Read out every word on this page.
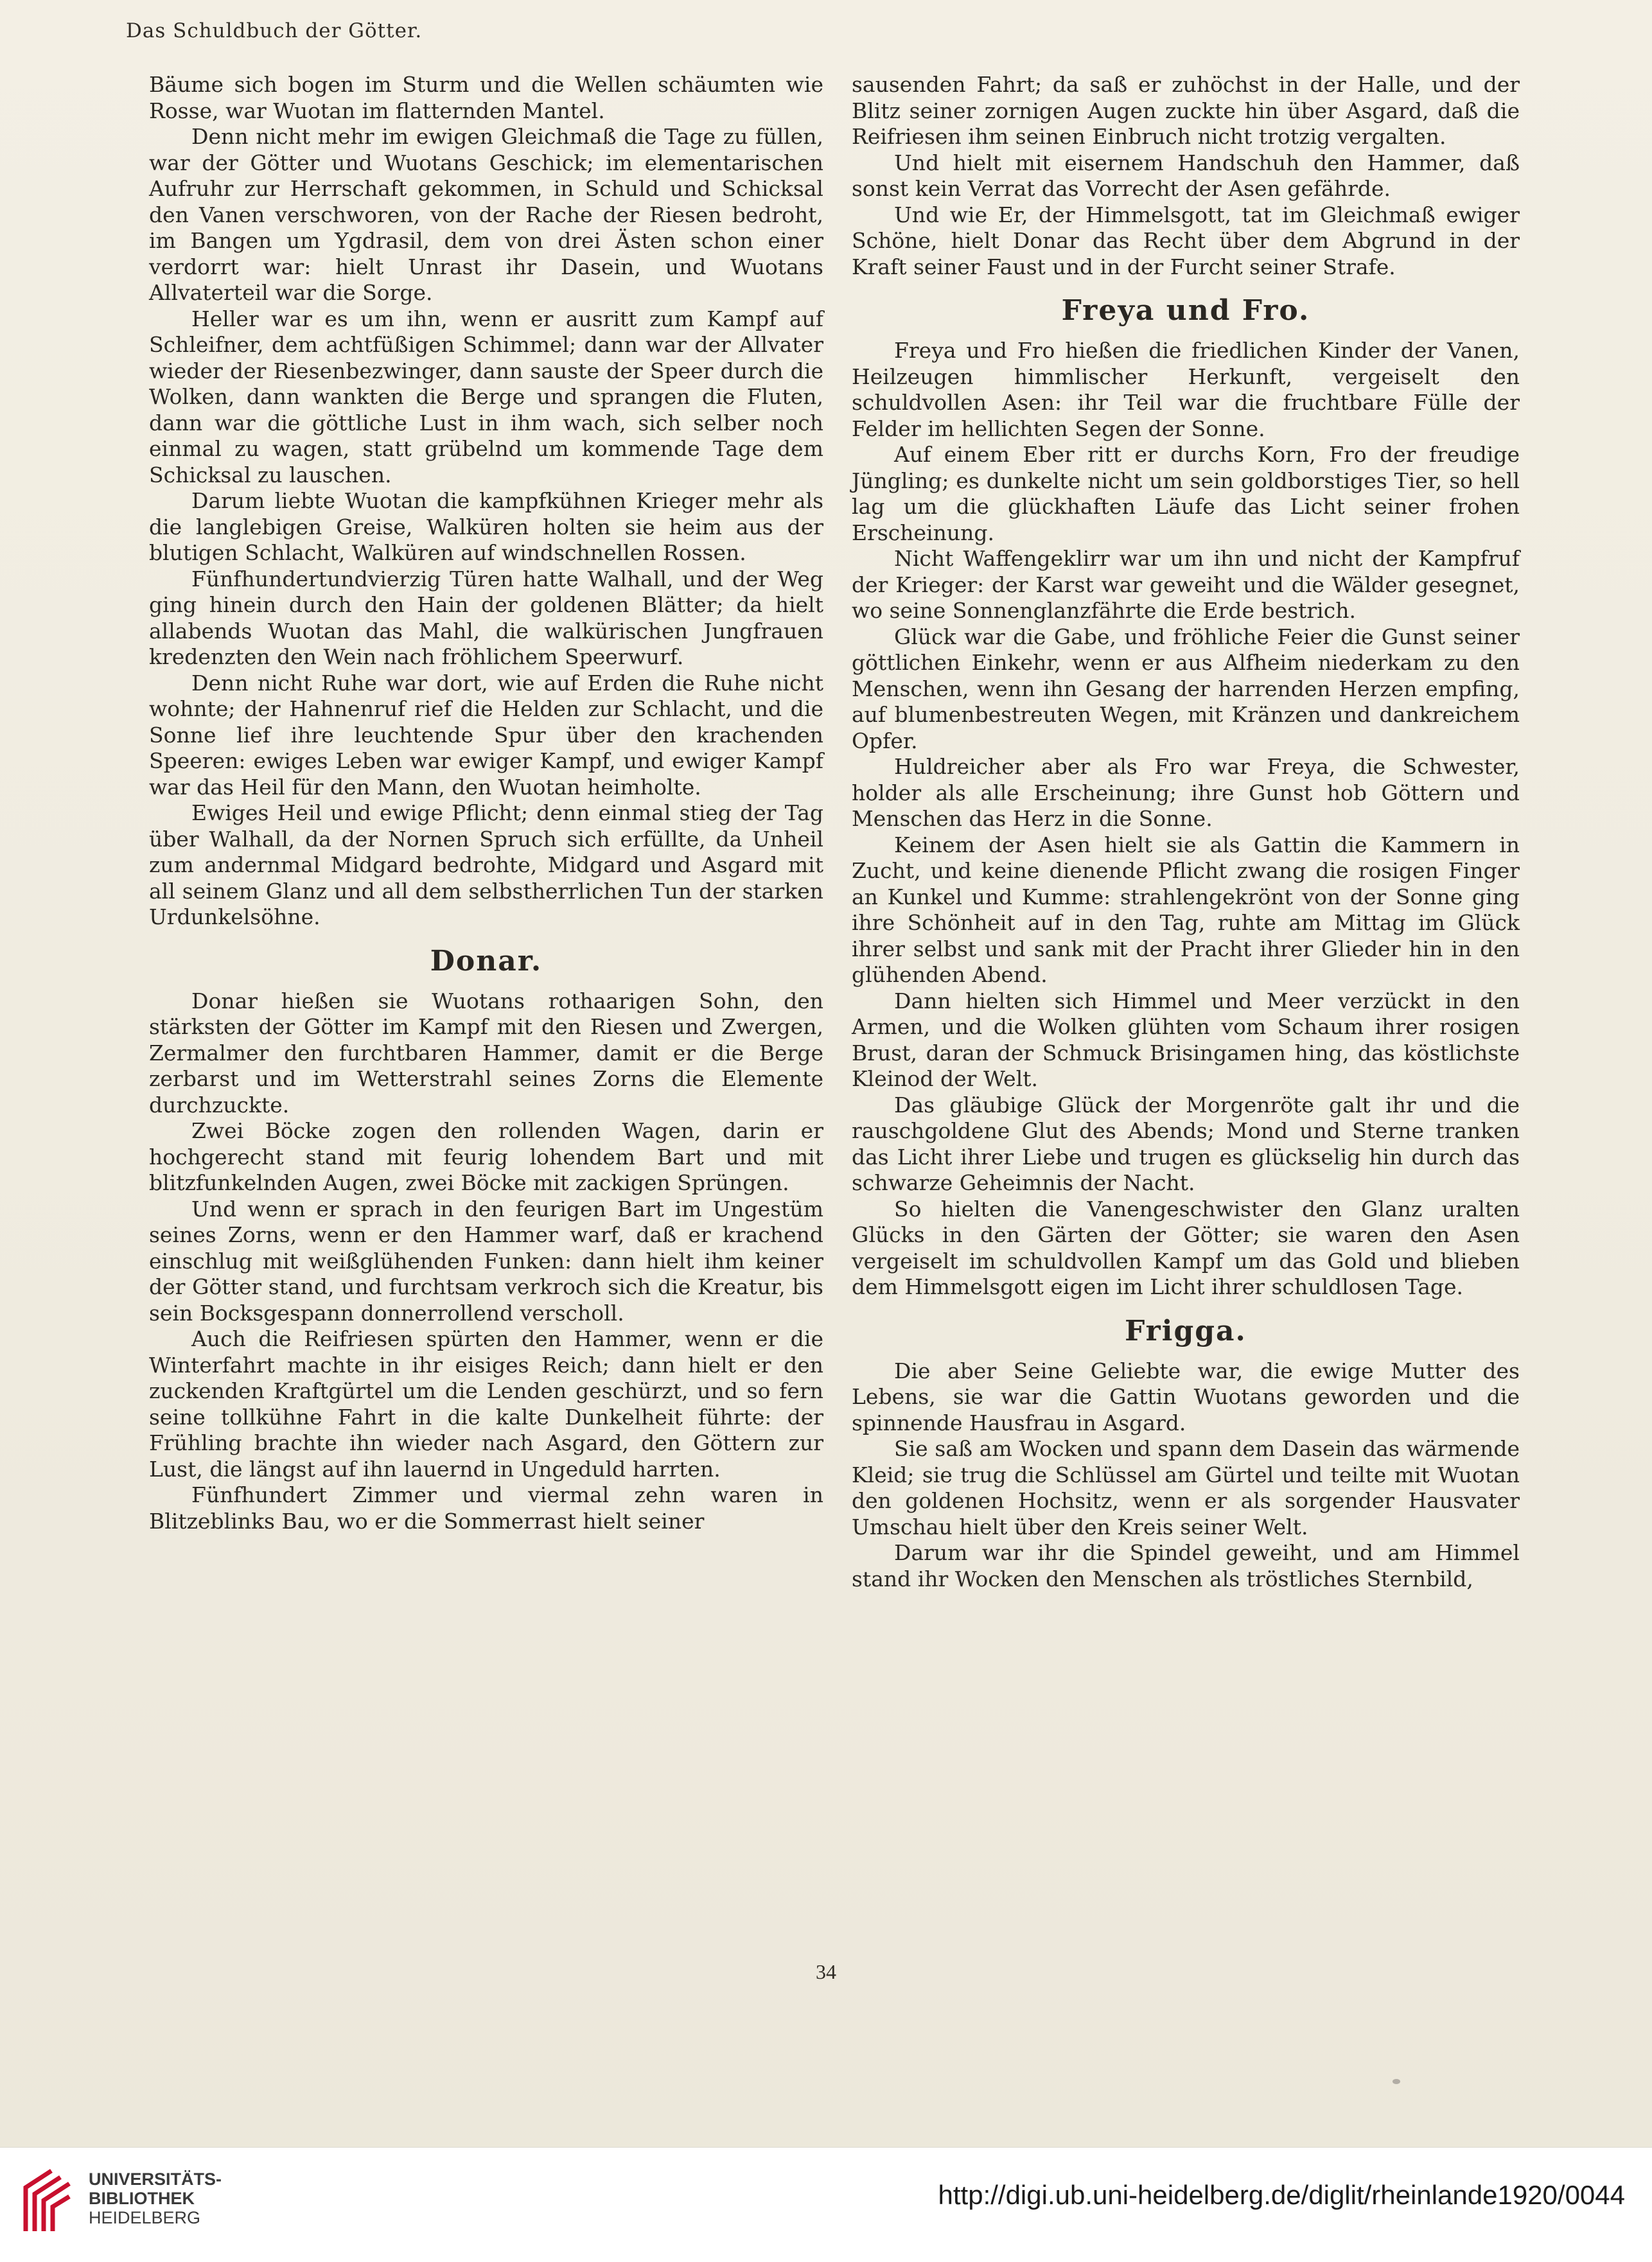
Das Schuldbuch der Götter.

Bäume sich bogen im Sturm und die Wellen schäumten wie Rosse, war Wuotan im flatternden Mantel.

Denn nicht mehr im ewigen Gleichmaß die Tage zu füllen, war der Götter und Wuotans Geschick; im elementarischen Aufruhr zur Herrschaft gekommen, in Schuld und Schicksal den Vanen verschworen, von der Rache der Riesen bedroht, im Bangen um Ygdrasil, dem von drei Ästen schon einer verdorrt war: hielt Unrast ihr Dasein, und Wuotans Allvaterteil war die Sorge.

Heller war es um ihn, wenn er ausritt zum Kampf auf Schleifner, dem achtfüßigen Schimmel; dann war der Allvater wieder der Riesenbezwinger, dann sauste der Speer durch die Wolken, dann wankten die Berge und sprangen die Fluten, dann war die göttliche Lust in ihm wach, sich selber noch einmal zu wagen, statt grübelnd um kommende Tage dem Schicksal zu lauschen.

Darum liebte Wuotan die kampfkühnen Krieger mehr als die langlebigen Greise, Walküren holten sie heim aus der blutigen Schlacht, Walküren auf windschnellen Rossen.

Fünfhundertundvierzig Türen hatte Walhall, und der Weg ging hinein durch den Hain der goldenen Blätter; da hielt allabends Wuotan das Mahl, die walkürischen Jungfrauen kredenzten den Wein nach fröhlichem Speerwurf.

Denn nicht Ruhe war dort, wie auf Erden die Ruhe nicht wohnte; der Hahnenruf rief die Helden zur Schlacht, und die Sonne lief ihre leuchtende Spur über den krachenden Speeren: ewiges Leben war ewiger Kampf, und ewiger Kampf war das Heil für den Mann, den Wuotan heimholte.

Ewiges Heil und ewige Pflicht; denn einmal stieg der Tag über Walhall, da der Nornen Spruch sich erfüllte, da Unheil zum andernmal Midgard bedrohte, Midgard und Asgard mit all seinem Glanz und all dem selbstherrlichen Tun der starken Urdunkelsöhne.

Donar.

Donar hießen sie Wuotans rothaarigen Sohn, den stärksten der Götter im Kampf mit den Riesen und Zwergen, Zermalmer den furchtbaren Hammer, damit er die Berge zerbarst und im Wetterstrahl seines Zorns die Elemente durchzuckte.

Zwei Böcke zogen den rollenden Wagen, darin er hochgerecht stand mit feurig lohendem Bart und mit blitzfunkelnden Augen, zwei Böcke mit zackigen Sprüngen.

Und wenn er sprach in den feurigen Bart im Ungestüm seines Zorns, wenn er den Hammer warf, daß er krachend einschlug mit weißglühenden Funken: dann hielt ihm keiner der Götter stand, und furchtsam verkroch sich die Kreatur, bis sein Bocksgespann donnerrollend verscholl.

Auch die Reifriesen spürten den Hammer, wenn er die Winterfahrt machte in ihr eisiges Reich; dann hielt er den zuckenden Kraftgürtel um die Lenden geschürzt, und so fern seine tollkühne Fahrt in die kalte Dunkelheit führte: der Frühling brachte ihn wieder nach Asgard, den Göttern zur Lust, die längst auf ihn lauernd in Ungeduld harrten.

Fünfhundert Zimmer und viermal zehn waren in Blitzeblinks Bau, wo er die Sommerrast hielt seiner

sausenden Fahrt; da saß er zuhöchst in der Halle, und der Blitz seiner zornigen Augen zuckte hin über Asgard, daß die Reifriesen ihm seinen Einbruch nicht trotzig vergalten.

Und hielt mit eisernem Handschuh den Hammer, daß sonst kein Verrat das Vorrecht der Asen gefährde.

Und wie Er, der Himmelsgott, tat im Gleichmaß ewiger Schöne, hielt Donar das Recht über dem Abgrund in der Kraft seiner Faust und in der Furcht seiner Strafe.

Freya und Fro.

Freya und Fro hießen die friedlichen Kinder der Vanen, Heilzeugen himmlischer Herkunft, vergeiselt den schuldvollen Asen: ihr Teil war die fruchtbare Fülle der Felder im hellichten Segen der Sonne.

Auf einem Eber ritt er durchs Korn, Fro der freudige Jüngling; es dunkelte nicht um sein goldborstiges Tier, so hell lag um die glückhaften Läufe das Licht seiner frohen Erscheinung.

Nicht Waffengeklirr war um ihn und nicht der Kampfruf der Krieger: der Karst war geweiht und die Wälder gesegnet, wo seine Sonnenglanzfährte die Erde bestrich.

Glück war die Gabe, und fröhliche Feier die Gunst seiner göttlichen Einkehr, wenn er aus Alfheim niederkam zu den Menschen, wenn ihn Gesang der harrenden Herzen empfing, auf blumenbestreuten Wegen, mit Kränzen und dankreichem Opfer.

Huldreicher aber als Fro war Freya, die Schwester, holder als alle Erscheinung; ihre Gunst hob Göttern und Menschen das Herz in die Sonne.

Keinem der Asen hielt sie als Gattin die Kammern in Zucht, und keine dienende Pflicht zwang die rosigen Finger an Kunkel und Kumme: strahlengekrönt von der Sonne ging ihre Schönheit auf in den Tag, ruhte am Mittag im Glück ihrer selbst und sank mit der Pracht ihrer Glieder hin in den glühenden Abend.

Dann hielten sich Himmel und Meer verzückt in den Armen, und die Wolken glühten vom Schaum ihrer rosigen Brust, daran der Schmuck Brisingamen hing, das köstlichste Kleinod der Welt.

Das gläubige Glück der Morgenröte galt ihr und die rauschgoldene Glut des Abends; Mond und Sterne tranken das Licht ihrer Liebe und trugen es glückselig hin durch das schwarze Geheimnis der Nacht.

So hielten die Vanengeschwister den Glanz uralten Glücks in den Gärten der Götter; sie waren den Asen vergeiselt im schuldvollen Kampf um das Gold und blieben dem Himmelsgott eigen im Licht ihrer schuldlosen Tage.

Frigga.

Die aber Seine Geliebte war, die ewige Mutter des Lebens, sie war die Gattin Wuotans geworden und die spinnende Hausfrau in Asgard.

Sie saß am Wocken und spann dem Dasein das wärmende Kleid; sie trug die Schlüssel am Gürtel und teilte mit Wuotan den goldenen Hochsitz, wenn er als sorgender Hausvater Umschau hielt über den Kreis seiner Welt.

Darum war ihr die Spindel geweiht, und am Himmel stand ihr Wocken den Menschen als tröstliches Sternbild,

34
UNIVERSITÄTS-
BIBLIOTHEK
HEIDELBERG
http://digi.ub.uni-heidelberg.de/diglit/rheinlande1920/0044
